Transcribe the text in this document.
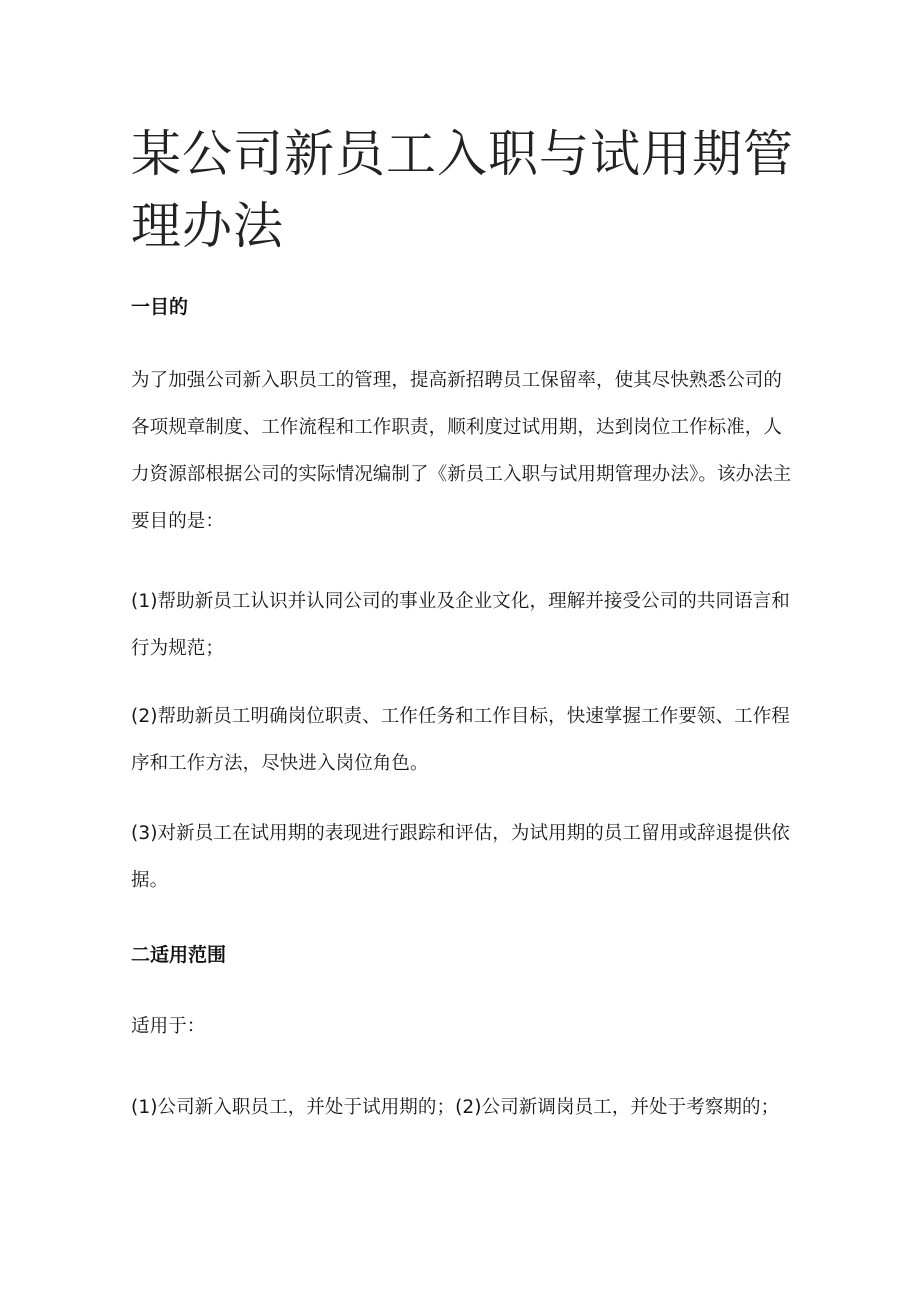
某公司新员工入职与试用期管理办法
一目的

为了加强公司新入职员工的管理，提高新招聘员工保留率，使其尽快熟悉公司的各项规章制度、工作流程和工作职责，顺利度过试用期，达到岗位工作标准，人力资源部根据公司的实际情况编制了《新员工入职与试用期管理办法》。该办法主要目的是：

(1)帮助新员工认识并认同公司的事业及企业文化，理解并接受公司的共同语言和行为规范；

(2)帮助新员工明确岗位职责、工作任务和工作目标，快速掌握工作要领、工作程序和工作方法，尽快进入岗位角色。

(3)对新员工在试用期的表现进行跟踪和评估，为试用期的员工留用或辞退提供依据。

二适用范围

适用于：

(1)公司新入职员工，并处于试用期的；(2)公司新调岗员工，并处于考察期的；
